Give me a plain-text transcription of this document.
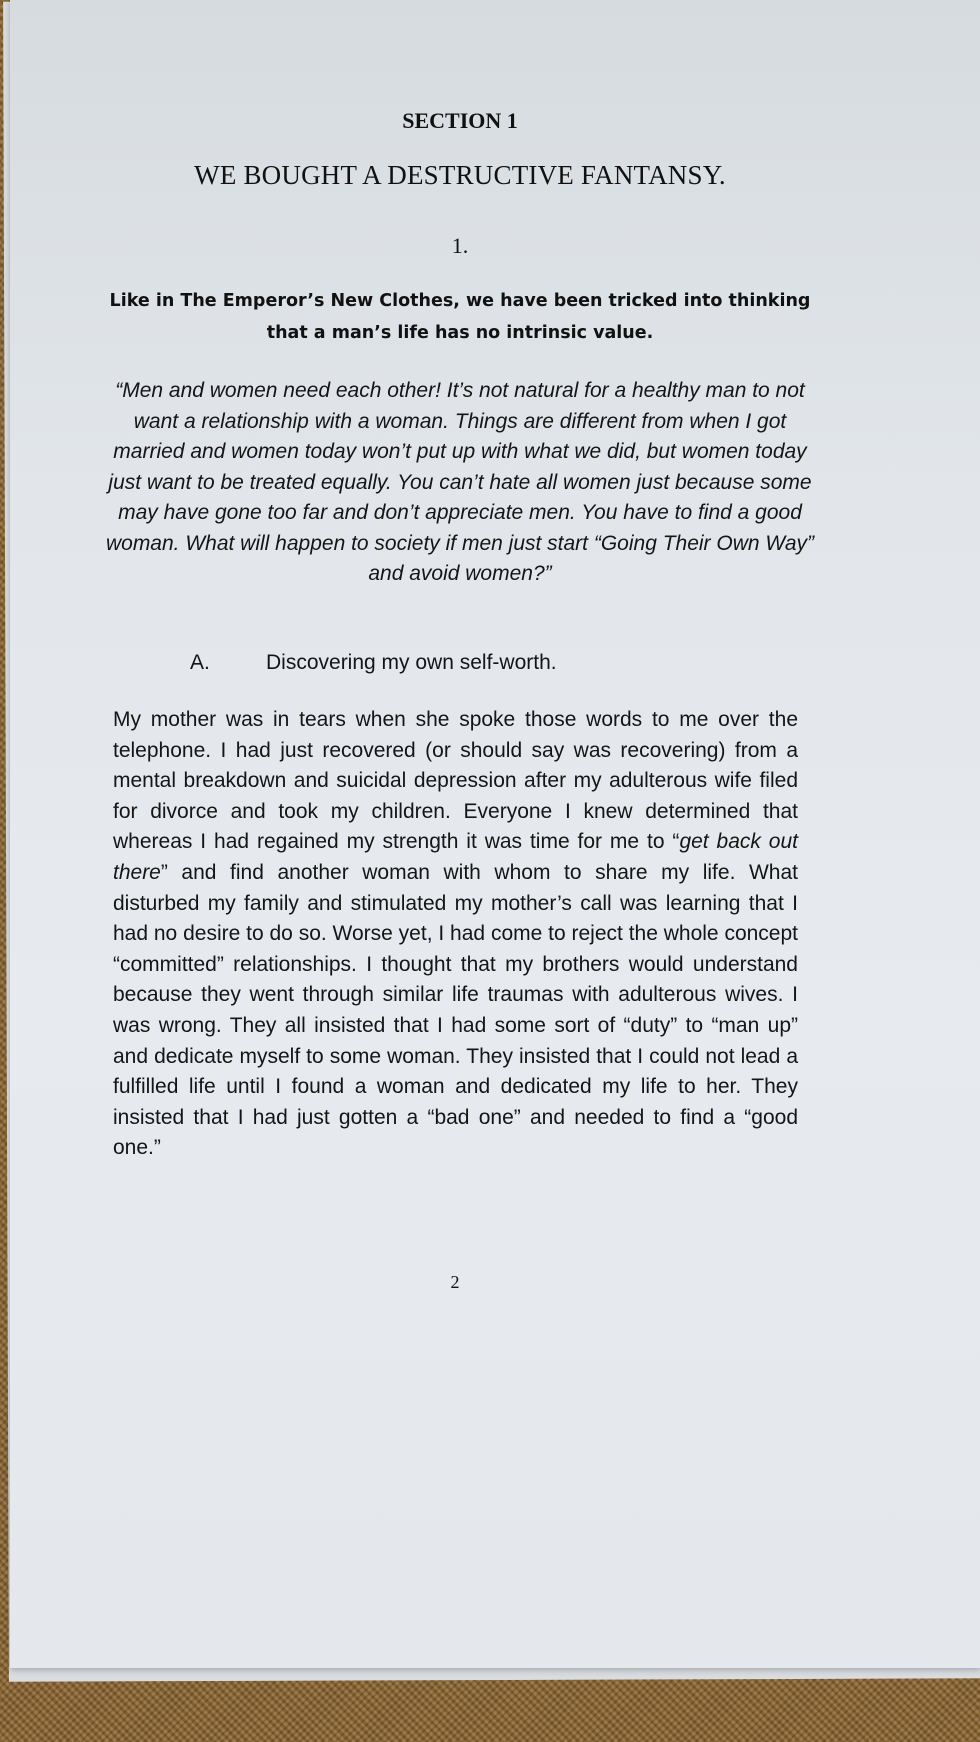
SECTION 1
WE BOUGHT A DESTRUCTIVE FANTANSY.
1.
Like in The Emperor’s New Clothes, we have been tricked into thinking that a man’s life has no intrinsic value.
“Men and women need each other! It’s not natural for a healthy man to not want a relationship with a woman. Things are different from when I got married and women today won’t put up with what we did, but women today just want to be treated equally. You can’t hate all women just because some may have gone too far and don’t appreciate men. You have to find a good woman. What will happen to society if men just start “Going Their Own Way” and avoid women?”
A.	Discovering my own self-worth.

My mother was in tears when she spoke those words to me over the telephone. I had just recovered (or should say was recovering) from a mental breakdown and suicidal depression after my adulterous wife filed for divorce and took my children. Everyone I knew determined that whereas I had regained my strength it was time for me to “get back out there” and find another woman with whom to share my life. What disturbed my family and stimulated my mother’s call was learning that I had no desire to do so. Worse yet, I had come to reject the whole concept “committed” relationships. I thought that my brothers would understand because they went through similar life traumas with adulterous wives. I was wrong. They all insisted that I had some sort of “duty” to “man up” and dedicate myself to some woman. They insisted that I could not lead a fulfilled life until I found a woman and dedicated my life to her. They insisted that I had just gotten a “bad one” and needed to find a “good one.”

2
